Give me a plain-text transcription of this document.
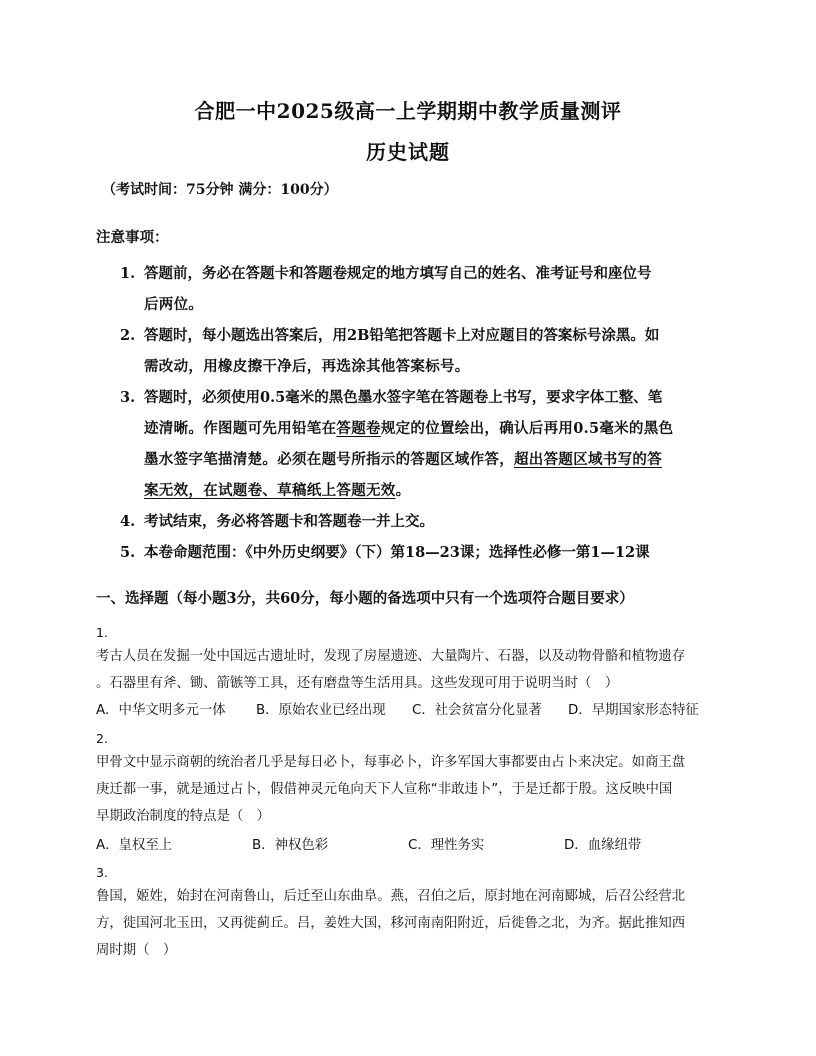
合肥一中2025级高一上学期期中教学质量测评
历史试题
（考试时间：75分钟 满分：100分）
注意事项：
1. 答题前，务必在答题卡和答题卷规定的地方填写自己的姓名、准考证号和座位号
后两位。
2. 答题时，每小题选出答案后，用2B铅笔把答题卡上对应题目的答案标号涂黑。如
需改动，用橡皮擦干净后，再选涂其他答案标号。
3. 答题时，必须使用0.5毫米的黑色墨水签字笔在答题卷上书写，要求字体工整、笔
迹清晰。作图题可先用铅笔在答题卷规定的位置绘出，确认后再用0.5毫米的黑色
墨水签字笔描清楚。必须在题号所指示的答题区域作答，超出答题区域书写的答
案无效，在试题卷、草稿纸上答题无效。
4. 考试结束，务必将答题卡和答题卷一并上交。
5. 本卷命题范围：《中外历史纲要》（下）第18—23课；选择性必修一第1—12课
一、选择题（每小题3分，共60分，每小题的备选项中只有一个选项符合题目要求）
1.
考古人员在发掘一处中国远古遗址时，发现了房屋遗迹、大量陶片、石器，以及动物骨骼和植物遗存
。石器里有斧、锄、箭镞等工具，还有磨盘等生活用具。这些发现可用于说明当时（　）
A．中华文明多元一体 B．原始农业已经出现 C．社会贫富分化显著 D．早期国家形态特征
2.
甲骨文中显示商朝的统治者几乎是每日必卜，每事必卜，许多军国大事都要由占卜来决定。如商王盘
庚迁都一事，就是通过占卜，假借神灵元龟向天下人宣称“非敢违卜”，于是迁都于殷。这反映中国
早期政治制度的特点是（　）
A．皇权至上	B．神权色彩	C．理性务实	D．血缘纽带
3.
鲁国，姬姓，始封在河南鲁山，后迁至山东曲阜。燕，召伯之后，原封地在河南郾城，后召公经营北
方，徙国河北玉田，又再徙蓟丘。吕，姜姓大国，移河南南阳附近，后徙鲁之北，为齐。据此推知西
周时期（　）
